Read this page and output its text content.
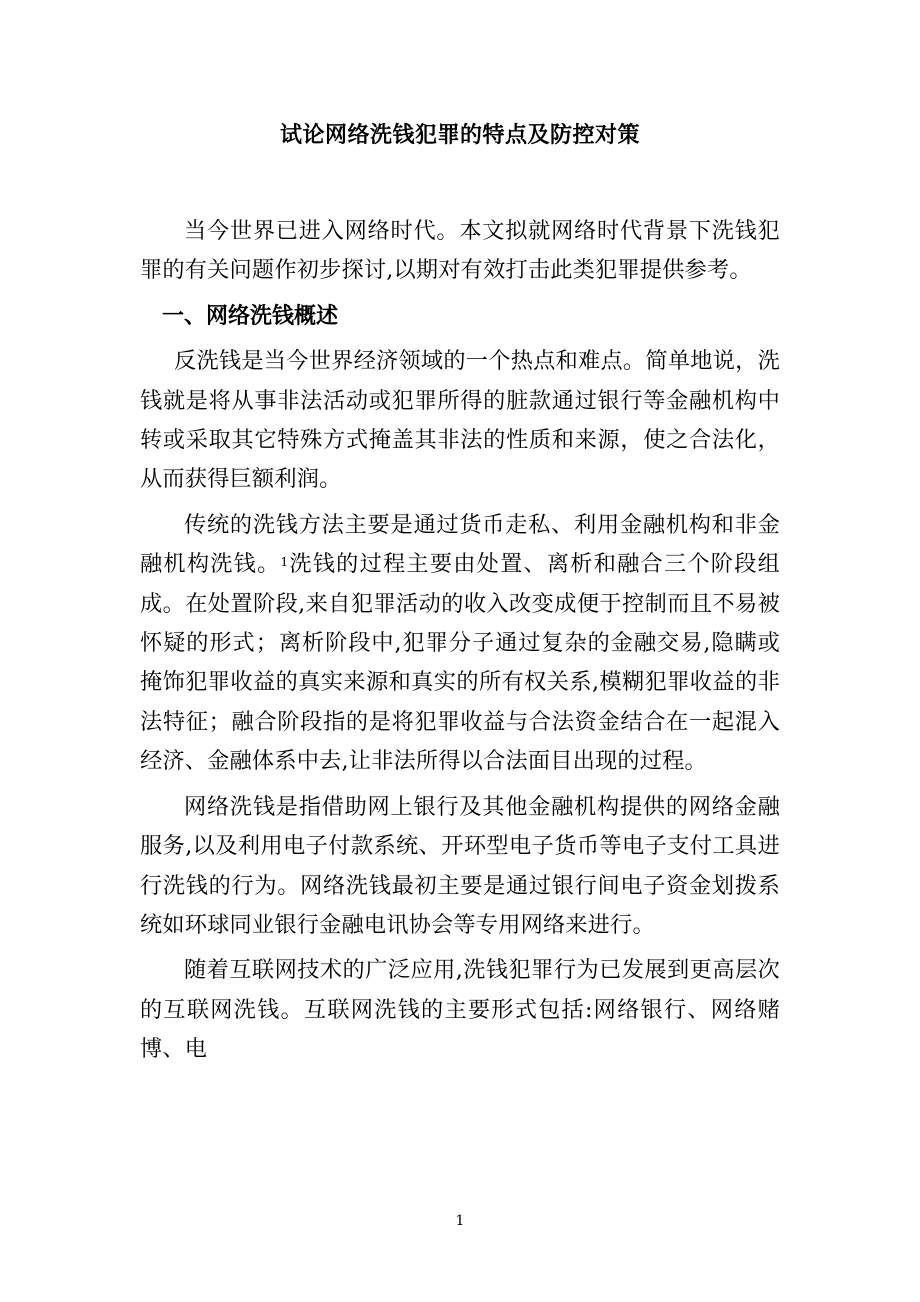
试论网络洗钱犯罪的特点及防控对策

当今世界已进入网络时代。本文拟就网络时代背景下洗钱犯罪的有关问题作初步探讨,以期对有效打击此类犯罪提供参考。

一、网络洗钱概述

反洗钱是当今世界经济领域的一个热点和难点。简单地说，洗钱就是将从事非法活动或犯罪所得的脏款通过银行等金融机构中转或采取其它特殊方式掩盖其非法的性质和来源，使之合法化，从而获得巨额利润。

传统的洗钱方法主要是通过货币走私、利用金融机构和非金融机构洗钱。$^1$洗钱的过程主要由处置、离析和融合三个阶段组成。在处置阶段,来自犯罪活动的收入改变成便于控制而且不易被怀疑的形式；离析阶段中,犯罪分子通过复杂的金融交易,隐瞒或掩饰犯罪收益的真实来源和真实的所有权关系,模糊犯罪收益的非法特征；融合阶段指的是将犯罪收益与合法资金结合在一起混入经济、金融体系中去,让非法所得以合法面目出现的过程。

网络洗钱是指借助网上银行及其他金融机构提供的网络金融服务,以及利用电子付款系统、开环型电子货币等电子支付工具进行洗钱的行为。网络洗钱最初主要是通过银行间电子资金划拨系统如环球同业银行金融电讯协会等专用网络来进行。

随着互联网技术的广泛应用,洗钱犯罪行为已发展到更高层次的互联网洗钱。互联网洗钱的主要形式包括:网络银行、网络赌博、电

1
